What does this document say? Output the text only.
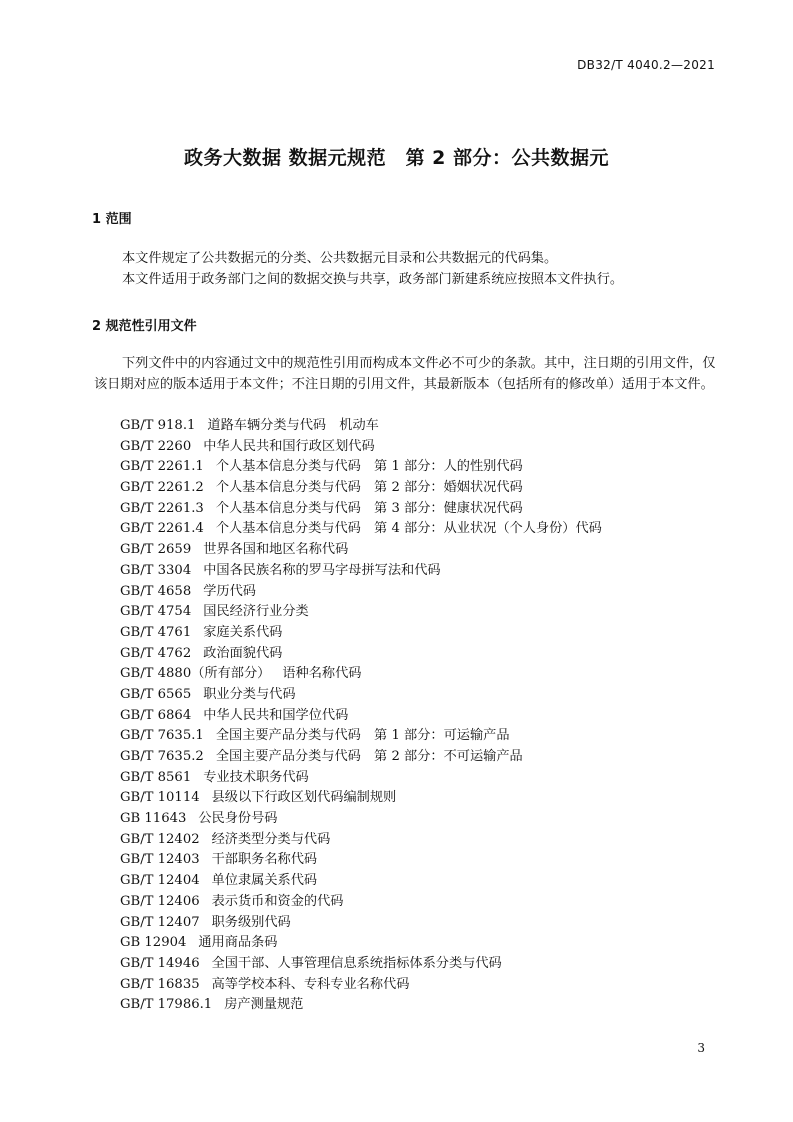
DB32/T 4040.2—2021
政务大数据 数据元规范　第 2 部分：公共数据元
1 范围

本文件规定了公共数据元的分类、公共数据元目录和公共数据元的代码集。

本文件适用于政务部门之间的数据交换与共享，政务部门新建系统应按照本文件执行。

2 规范性引用文件

下列文件中的内容通过文中的规范性引用而构成本文件必不可少的条款。其中，注日期的引用文件，仅该日期对应的版本适用于本文件；不注日期的引用文件，其最新版本（包括所有的修改单）适用于本文件。

GB/T 918.1 道路车辆分类与代码　机动车
GB/T 2260 中华人民共和国行政区划代码
GB/T 2261.1 个人基本信息分类与代码　第 1 部分：人的性别代码
GB/T 2261.2 个人基本信息分类与代码　第 2 部分：婚姻状况代码
GB/T 2261.3 个人基本信息分类与代码　第 3 部分：健康状况代码
GB/T 2261.4 个人基本信息分类与代码　第 4 部分：从业状况（个人身份）代码
GB/T 2659 世界各国和地区名称代码
GB/T 3304 中国各民族名称的罗马字母拼写法和代码
GB/T 4658 学历代码
GB/T 4754 国民经济行业分类
GB/T 4761 家庭关系代码
GB/T 4762 政治面貌代码
GB/T 4880（所有部分） 语种名称代码
GB/T 6565 职业分类与代码
GB/T 6864 中华人民共和国学位代码
GB/T 7635.1 全国主要产品分类与代码　第 1 部分：可运输产品
GB/T 7635.2 全国主要产品分类与代码　第 2 部分：不可运输产品
GB/T 8561 专业技术职务代码
GB/T 10114 县级以下行政区划代码编制规则
GB 11643 公民身份号码
GB/T 12402 经济类型分类与代码
GB/T 12403 干部职务名称代码
GB/T 12404 单位隶属关系代码
GB/T 12406 表示货币和资金的代码
GB/T 12407 职务级别代码
GB 12904 通用商品条码
GB/T 14946 全国干部、人事管理信息系统指标体系分类与代码
GB/T 16835 高等学校本科、专科专业名称代码
GB/T 17986.1 房产测量规范
3
